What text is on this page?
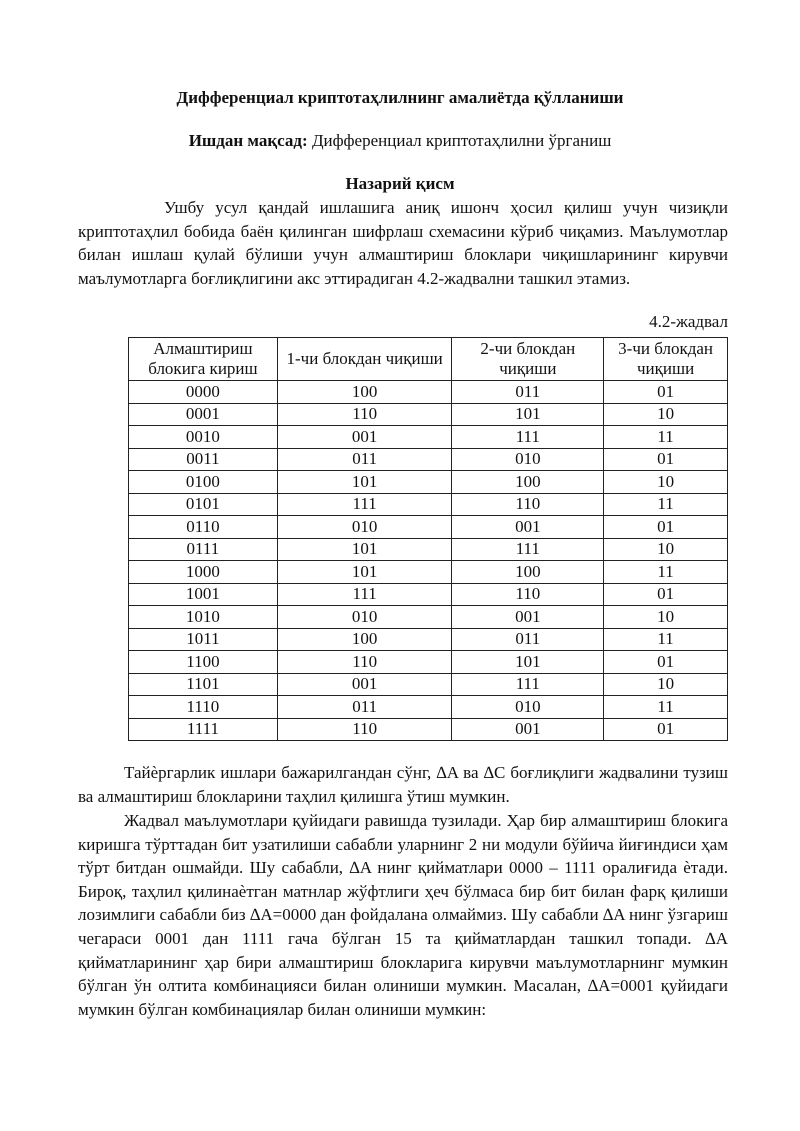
Дифференциал криптотаҳлилнинг амалиётда қўлланиши
Ишдан мақсад: Дифференциал криптотаҳлилни ўрганиш
Назарий қисм
Ушбу усул қандай ишлашига аниқ ишонч ҳосил қилиш учун чизиқли криптотаҳлил бобида баён қилинган шифрлаш схемасини кўриб чиқамиз. Маълумотлар билан ишлаш қулай бўлиши учун алмаштириш блоклари чиқишларининг кирувчи маълумотларга боғлиқлигини акс эттирадиган 4.2-жадвални ташкил этамиз.
4.2-жадвал
Алмаштириш блокига кириш	1-чи блокдан чиқиши	2-чи блокдан чиқиши	3-чи блокдан чиқиши
0000	100	011	01
0001	110	101	10
0010	001	111	11
0011	011	010	01
0100	101	100	10
0101	111	110	11
0110	010	001	01
0111	101	111	10
1000	101	100	11
1001	111	110	01
1010	010	001	10
1011	100	011	11
1100	110	101	01
1101	001	111	10
1110	011	010	11
1111	110	001	01
Тайѐргарлик ишлари бажарилгандан сўнг, ∆A ва ∆C боғлиқлиги жадвалини тузиш ва алмаштириш блокларини таҳлил қилишга ўтиш мумкин.
Жадвал маълумотлари қуйидаги равишда тузилади. Ҳар бир алмаштириш блокига киришга тўрттадан бит узатилиши сабабли уларнинг 2 ни модули бўйича йиғиндиси ҳам тўрт битдан ошмайди. Шу сабабли, ∆A нинг қийматлари 0000 – 1111 оралиғида ѐтади. Бироқ, таҳлил қилинаѐтган матнлар жўфтлиги ҳеч бўлмаса бир бит билан фарқ қилиши лозимлиги сабабли биз ∆A=0000 дан фойдалана олмаймиз. Шу сабабли ∆A нинг ўзгариш чегараси 0001 дан 1111 гача бўлган 15 та қийматлардан ташкил топади. ∆A қийматларининг ҳар бири алмаштириш блокларига кирувчи маълумотларнинг мумкин бўлган ўн олтита комбинацияси билан олиниши мумкин. Масалан, ∆A=0001 қуйидаги мумкин бўлган комбинациялар билан олиниши мумкин:
